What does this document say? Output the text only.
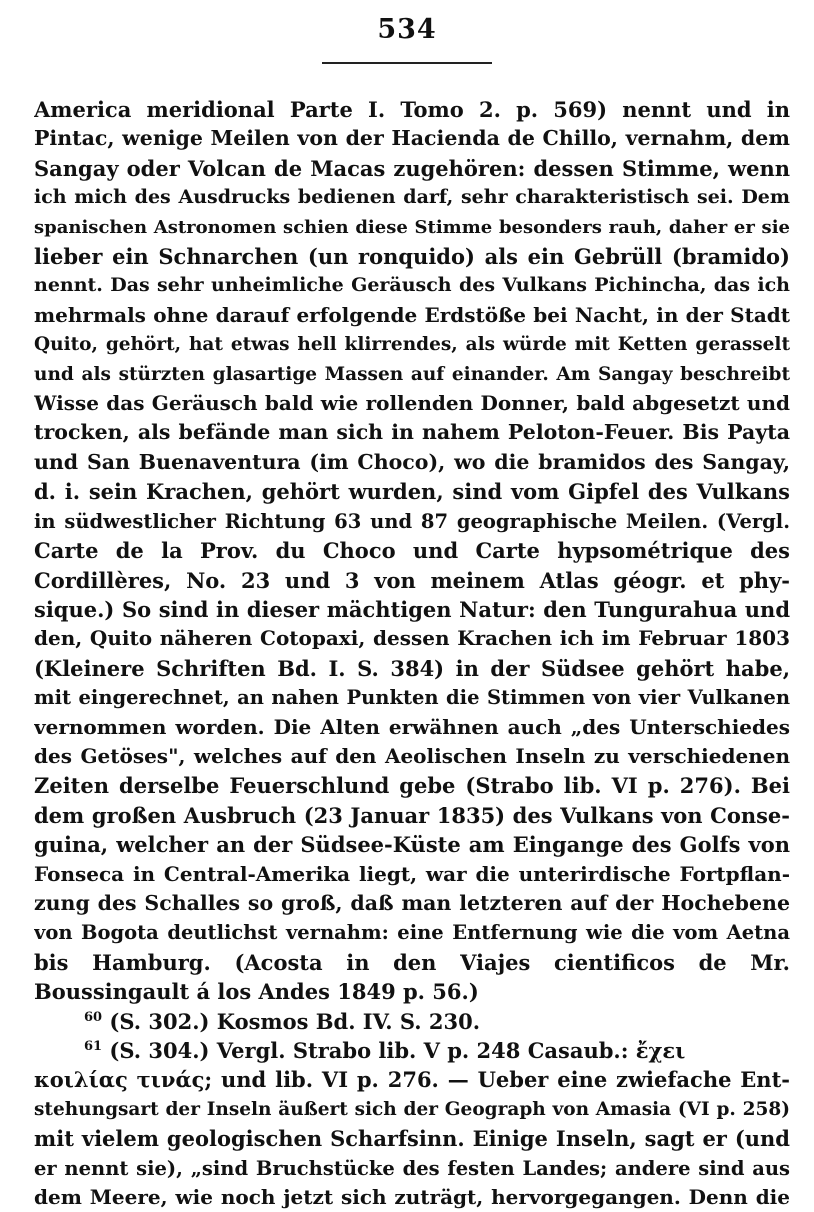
534
America meridional Parte I. Tomo 2. p. 569) nennt und in
Pintac, wenige Meilen von der Hacienda de Chillo, vernahm, dem
Sangay oder Volcan de Macas zugehören: dessen Stimme, wenn
ich mich des Ausdrucks bedienen darf, sehr charakteristisch sei. Dem
spanischen Astronomen schien diese Stimme besonders rauh, daher er sie
lieber ein Schnarchen (un ronquido) als ein Gebrüll (bramido)
nennt. Das sehr unheimliche Geräusch des Vulkans Pichincha, das ich
mehrmals ohne darauf erfolgende Erdstöße bei Nacht, in der Stadt
Quito, gehört, hat etwas hell klirrendes, als würde mit Ketten gerasselt
und als stürzten glasartige Massen auf einander. Am Sangay beschreibt
Wisse das Geräusch bald wie rollenden Donner, bald abgesetzt und
trocken, als befände man sich in nahem Peloton-Feuer. Bis Payta
und San Buenaventura (im Choco), wo die bramidos des Sangay,
d. i. sein Krachen, gehört wurden, sind vom Gipfel des Vulkans
in südwestlicher Richtung 63 und 87 geographische Meilen. (Vergl.
Carte de la Prov. du Choco und Carte hypsométrique des
Cordillères, No. 23 und 3 von meinem Atlas géogr. et phy-
sique.) So sind in dieser mächtigen Natur: den Tungurahua und
den, Quito näheren Cotopaxi, dessen Krachen ich im Februar 1803
(Kleinere Schriften Bd. I. S. 384) in der Südsee gehört habe,
mit eingerechnet, an nahen Punkten die Stimmen von vier Vulkanen
vernommen worden. Die Alten erwähnen auch „des Unterschiedes
des Getöses", welches auf den Aeolischen Inseln zu verschiedenen
Zeiten derselbe Feuerschlund gebe (Strabo lib. VI p. 276). Bei
dem großen Ausbruch (23 Januar 1835) des Vulkans von Conse-
guina, welcher an der Südsee-Küste am Eingange des Golfs von
Fonseca in Central-Amerika liegt, war die unterirdische Fortpflan-
zung des Schalles so groß, daß man letzteren auf der Hochebene
von Bogota deutlichst vernahm: eine Entfernung wie die vom Aetna
bis Hamburg. (Acosta in den Viajes cientificos de Mr.
Boussingault á los Andes 1849 p. 56.)
$^{60}$ (S. 302.) Kosmos Bd. IV. S. 230.
$^{61}$ (S. 304.) Vergl. Strabo lib. V p. 248 Casaub.: ἔχει
κοιλίας τινάς; und lib. VI p. 276. — Ueber eine zwiefache Ent-
stehungsart der Inseln äußert sich der Geograph von Amasia (VI p. 258)
mit vielem geologischen Scharfsinn. Einige Inseln, sagt er (und
er nennt sie), „sind Bruchstücke des festen Landes; andere sind aus
dem Meere, wie noch jetzt sich zuträgt, hervorgegangen. Denn die
